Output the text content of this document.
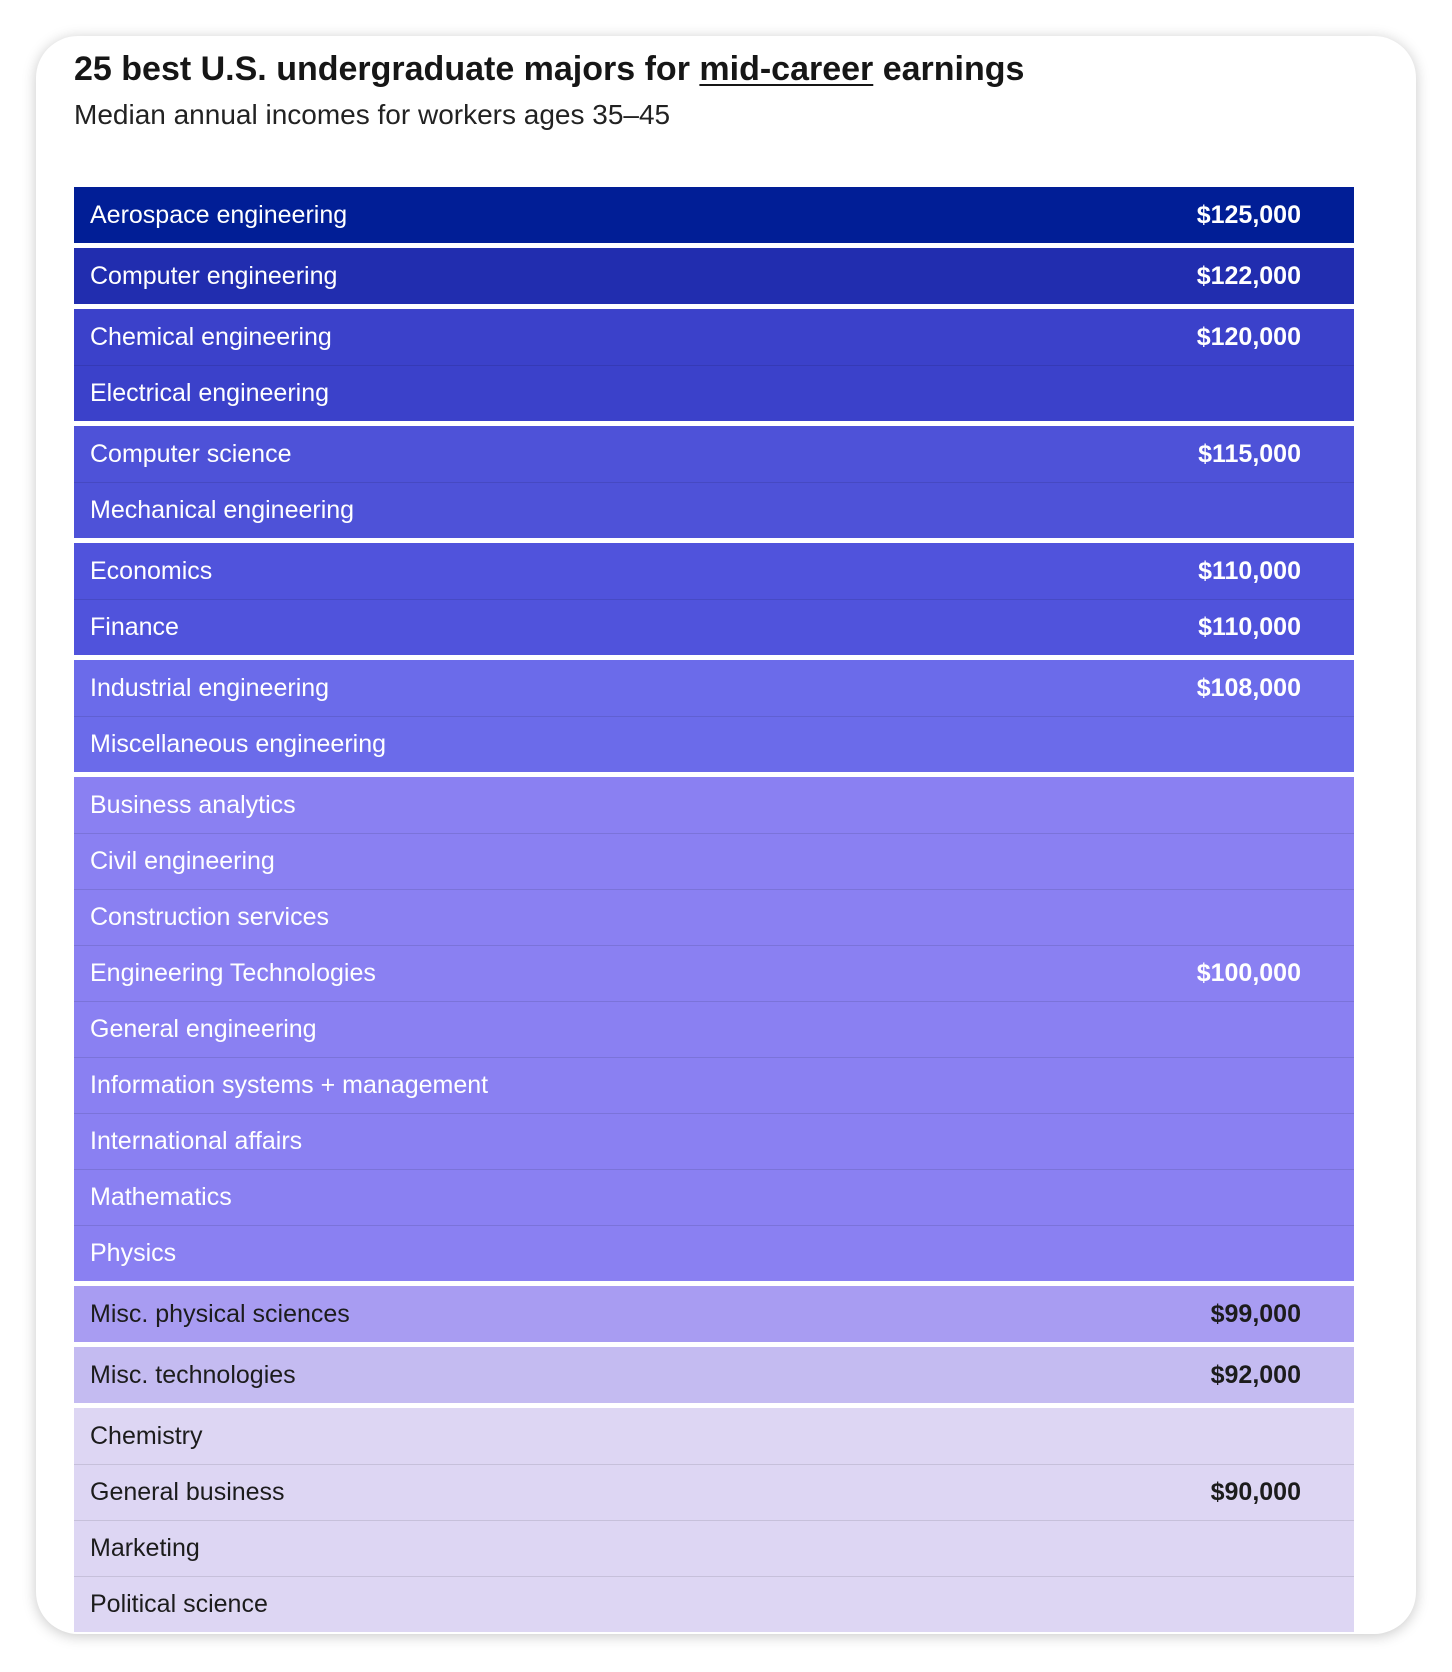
25 best U.S. undergraduate majors for mid-career earnings

Median annual incomes for workers ages 35–45

Aerospace engineering	$125,000
Computer engineering	$122,000
Chemical engineering	$120,000
Electrical engineering
Computer science	$115,000
Mechanical engineering
Economics	$110,000
Finance	$110,000
Industrial engineering	$108,000
Miscellaneous engineering
Business analytics
Civil engineering
Construction services
Engineering Technologies	$100,000
General engineering
Information systems + management
International affairs
Mathematics
Physics
Misc. physical sciences	$99,000
Misc. technologies	$92,000
Chemistry
General business	$90,000
Marketing
Political science
